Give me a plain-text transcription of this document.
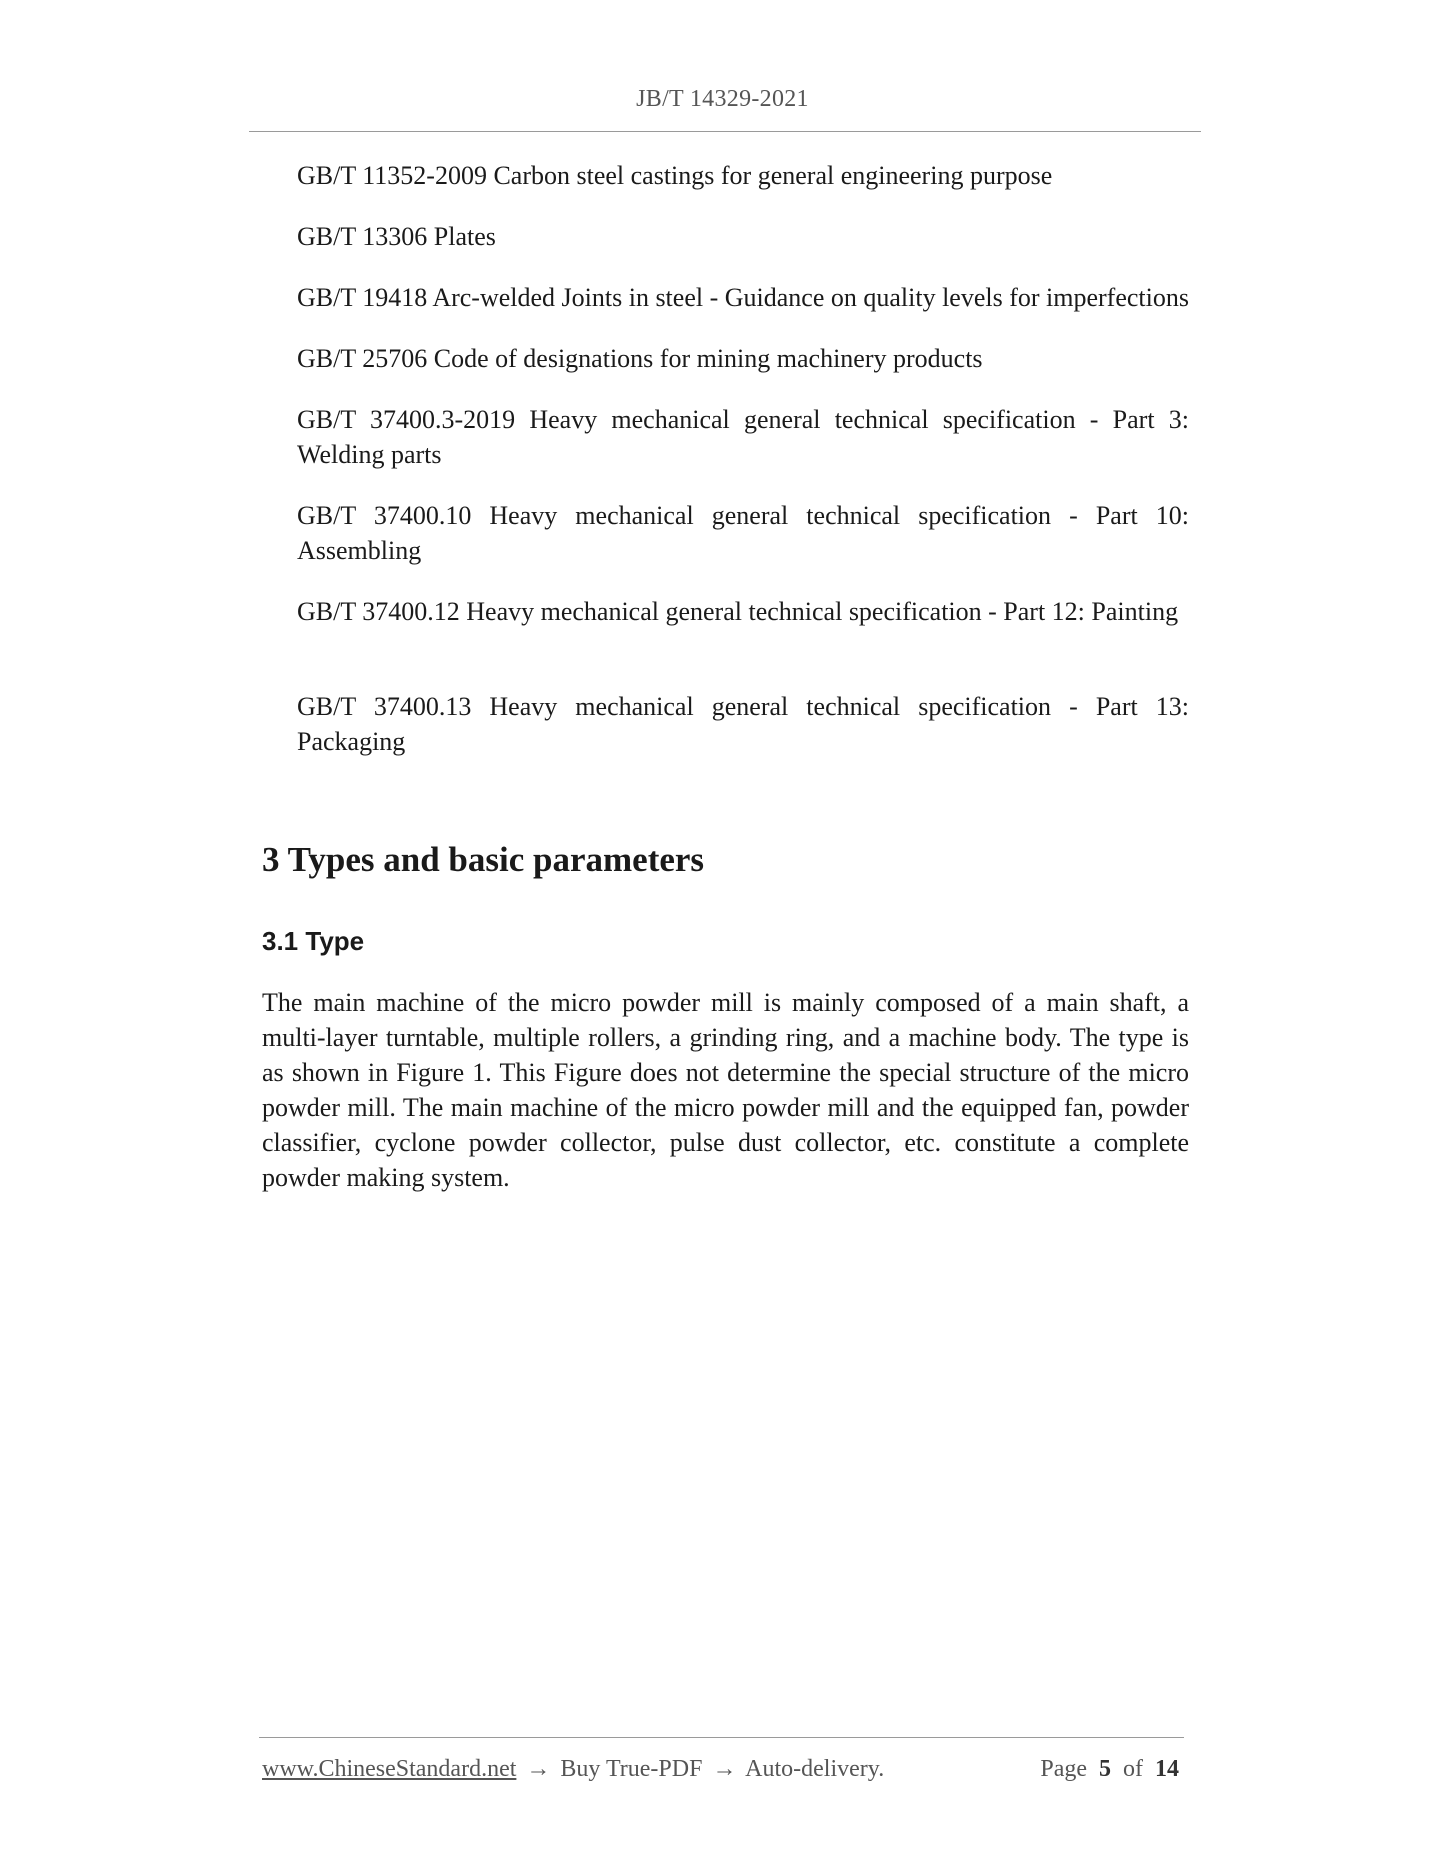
JB/T 14329-2021

GB/T 11352-2009 Carbon steel castings for general engineering purpose

GB/T 13306 Plates

GB/T 19418 Arc-welded Joints in steel - Guidance on quality levels for imperfections

GB/T 25706 Code of designations for mining machinery products

GB/T 37400.3-2019 Heavy mechanical general technical specification - Part 3: Welding parts

GB/T 37400.10 Heavy mechanical general technical specification - Part 10: Assembling

GB/T 37400.12 Heavy mechanical general technical specification - Part 12: Painting

GB/T 37400.13 Heavy mechanical general technical specification - Part 13: Packaging

3 Types and basic parameters
3.1 Type

The main machine of the micro powder mill is mainly composed of a main shaft, a multi-layer turntable, multiple rollers, a grinding ring, and a machine body. The type is as shown in Figure 1. This Figure does not determine the special structure of the micro powder mill. The main machine of the micro powder mill and the equipped fan, powder classifier, cyclone powder collector, pulse dust collector, etc. constitute a complete powder making system.

www.ChineseStandard.net → Buy True-PDF → Auto-delivery.	Page 5 of 14
